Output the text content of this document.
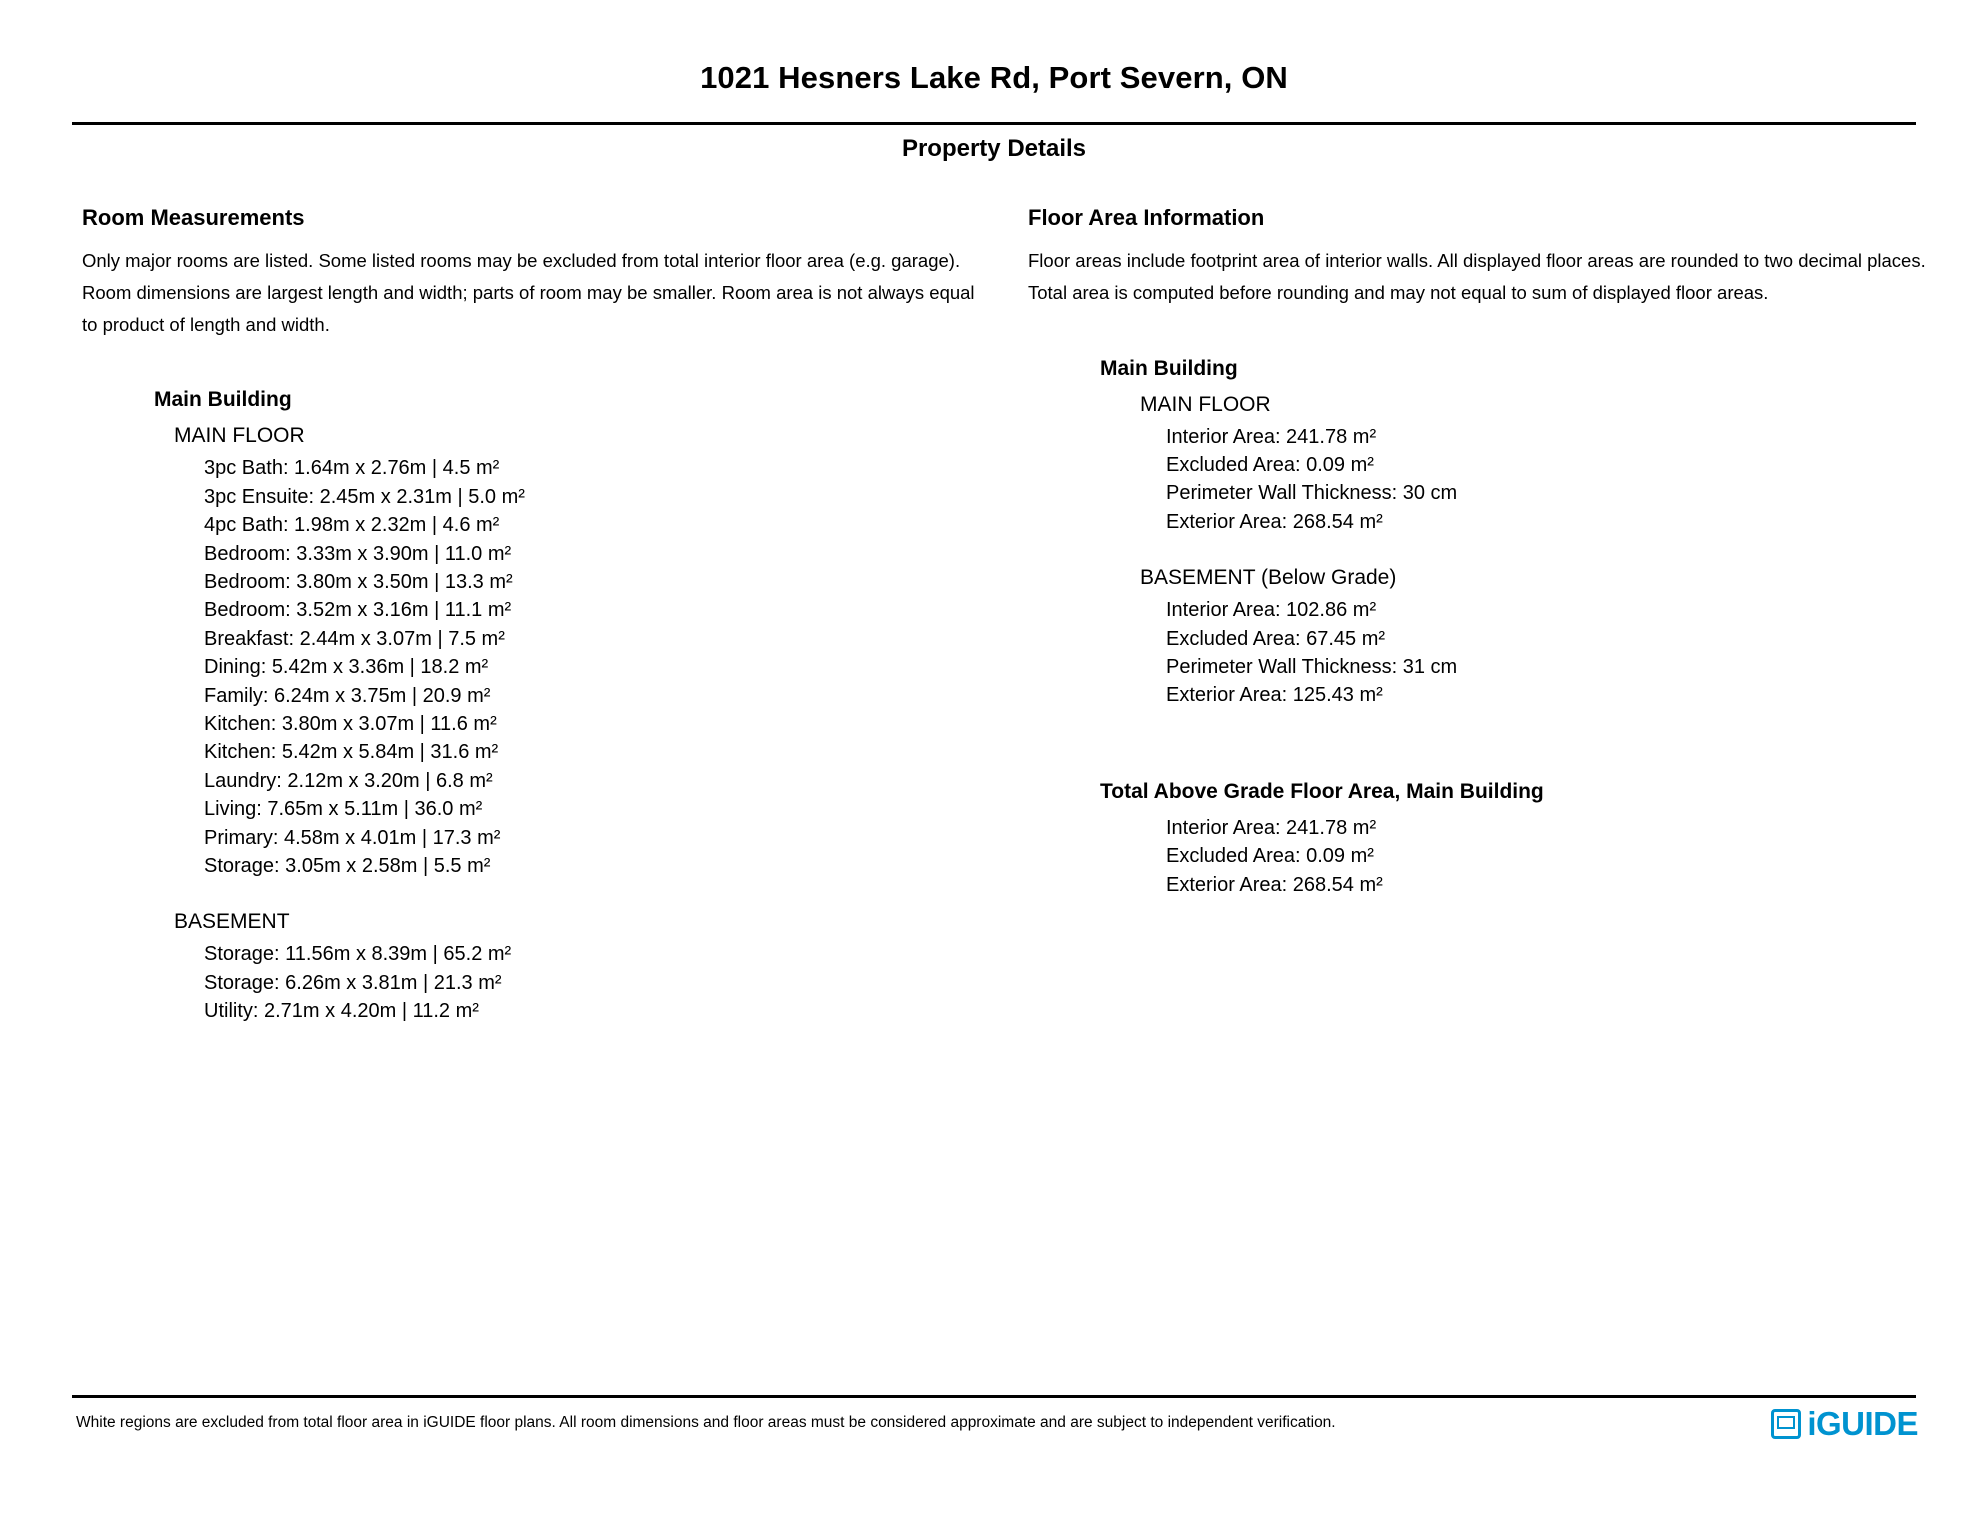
1021 Hesners Lake Rd, Port Severn, ON
Property Details
Room Measurements
Only major rooms are listed. Some listed rooms may be excluded from total interior floor area (e.g. garage). Room dimensions are largest length and width; parts of room may be smaller. Room area is not always equal to product of length and width.
Main Building
MAIN FLOOR
3pc Bath: 1.64m x 2.76m | 4.5 m²
3pc Ensuite: 2.45m x 2.31m | 5.0 m²
4pc Bath: 1.98m x 2.32m | 4.6 m²
Bedroom: 3.33m x 3.90m | 11.0 m²
Bedroom: 3.80m x 3.50m | 13.3 m²
Bedroom: 3.52m x 3.16m | 11.1 m²
Breakfast: 2.44m x 3.07m | 7.5 m²
Dining: 5.42m x 3.36m | 18.2 m²
Family: 6.24m x 3.75m | 20.9 m²
Kitchen: 3.80m x 3.07m | 11.6 m²
Kitchen: 5.42m x 5.84m | 31.6 m²
Laundry: 2.12m x 3.20m | 6.8 m²
Living: 7.65m x 5.11m | 36.0 m²
Primary: 4.58m x 4.01m | 17.3 m²
Storage: 3.05m x 2.58m | 5.5 m²
BASEMENT
Storage: 11.56m x 8.39m | 65.2 m²
Storage: 6.26m x 3.81m | 21.3 m²
Utility: 2.71m x 4.20m | 11.2 m²
Floor Area Information
Floor areas include footprint area of interior walls. All displayed floor areas are rounded to two decimal places. Total area is computed before rounding and may not equal to sum of displayed floor areas.
Main Building
MAIN FLOOR
Interior Area: 241.78 m²
Excluded Area: 0.09 m²
Perimeter Wall Thickness: 30 cm
Exterior Area: 268.54 m²
BASEMENT (Below Grade)
Interior Area: 102.86 m²
Excluded Area: 67.45 m²
Perimeter Wall Thickness: 31 cm
Exterior Area: 125.43 m²
Total Above Grade Floor Area, Main Building
Interior Area: 241.78 m²
Excluded Area: 0.09 m²
Exterior Area: 268.54 m²
White regions are excluded from total floor area in iGUIDE floor plans. All room dimensions and floor areas must be considered approximate and are subject to independent verification.	iGUIDE
